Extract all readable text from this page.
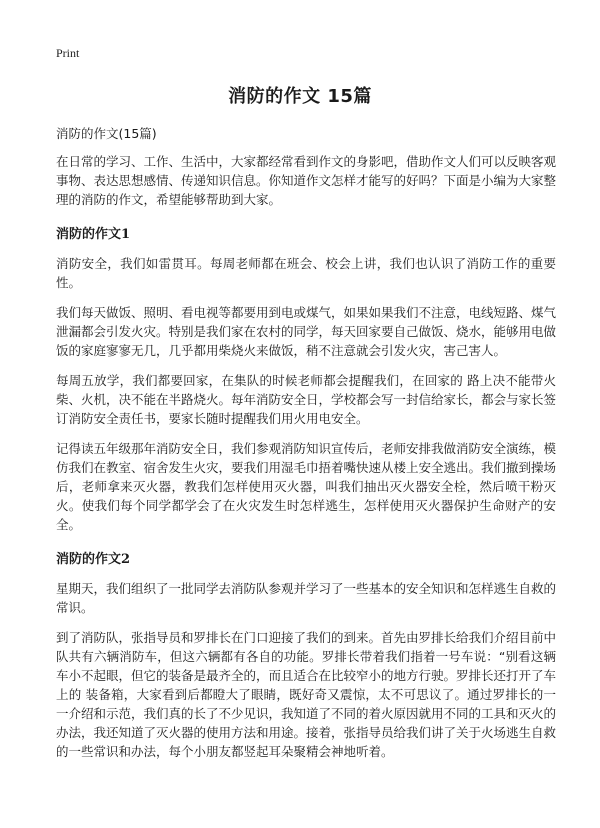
Print
消防的作文 15篇
消防的作文(15篇)

在日常的学习、工作、生活中，大家都经常看到作文的身影吧，借助作文人们可以反映客观事物、表达思想感情、传递知识信息。你知道作文怎样才能写的好吗？下面是小编为大家整理的消防的作文，希望能够帮助到大家。

消防的作文1

消防安全，我们如雷贯耳。每周老师都在班会、校会上讲，我们也认识了消防工作的重要性。

我们每天做饭、照明、看电视等都要用到电或煤气，如果如果我们不注意，电线短路、煤气泄漏都会引发火灾。特别是我们家在农村的同学，每天回家要自己做饭、烧水，能够用电做饭的家庭寥寥无几，几乎都用柴烧火来做饭，稍不注意就会引发火灾，害己害人。

每周五放学，我们都要回家，在集队的时候老师都会提醒我们，在回家的 路上决不能带火柴、火机，决不能在半路烧火。每年消防安全日，学校都会写一封信给家长，都会与家长签订消防安全责任书，要家长随时提醒我们用火用电安全。

记得读五年级那年消防安全日，我们参观消防知识宣传后，老师安排我做消防安全演练，模仿我们在教室、宿舍发生火灾，要我们用湿毛巾捂着嘴快速从楼上安全逃出。我们撤到操场后，老师拿来灭火器，教我们怎样使用灭火器，叫我们抽出灭火器安全栓，然后喷干粉灭火。使我们每个同学都学会了在火灾发生时怎样逃生，怎样使用灭火器保护生命财产的安全。

消防的作文2

星期天，我们组织了一批同学去消防队参观并学习了一些基本的安全知识和怎样逃生自救的常识。

到了消防队，张指导员和罗排长在门口迎接了我们的到来。首先由罗排长给我们介绍目前中队共有六辆消防车，但这六辆都有各自的功能。罗排长带着我们指着一号车说：“别看这辆车小不起眼，但它的装备是最齐全的，而且适合在比较窄小的地方行驶。罗排长还打开了车上的 装备箱，大家看到后都瞪大了眼睛，既好奇又震惊，太不可思议了。通过罗排长的一一介绍和示范，我们真的长了不少见识，我知道了不同的着火原因就用不同的工具和灭火的办法，我还知道了灭火器的使用方法和用途。接着，张指导员给我们讲了关于火场逃生自救的一些常识和办法，每个小朋友都竖起耳朵聚精会神地听着。
